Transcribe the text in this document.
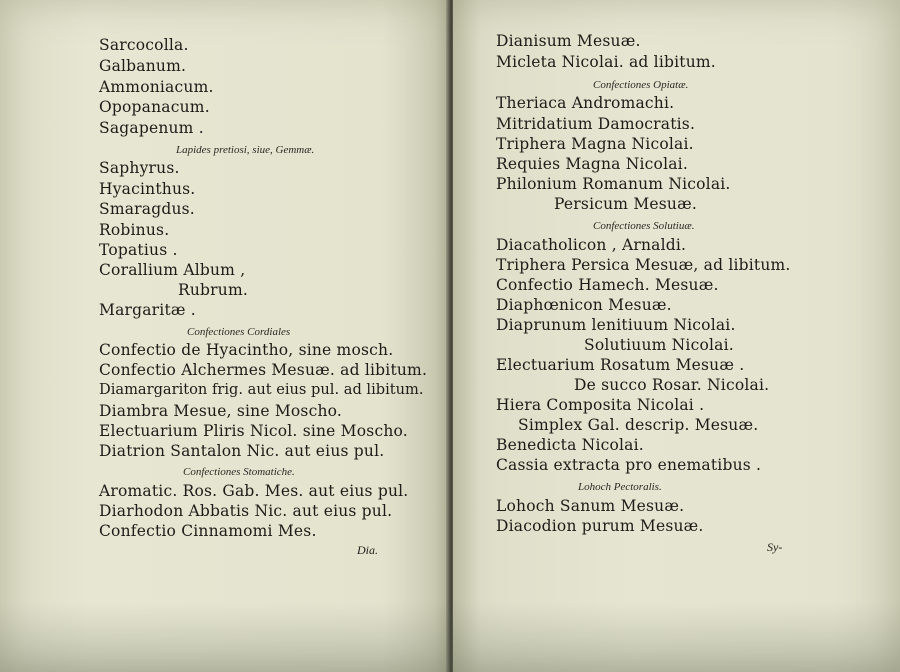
Sarcocolla.
Galbanum.
Ammoniacum.
Opopanacum.
Sagapenum .
Lapides pretiosi, siue, Gemmæ.
Saphyrus.
Hyacinthus.
Smaragdus.
Robinus.
Topatius .
Corallium Album ,
Rubrum.
Margaritæ .
Confectiones Cordiales
Confectio de Hyacintho, sine mosch.
Confectio Alchermes Mesuæ. ad libitum.
Diamargariton frig. aut eius pul. ad libitum.
Diambra Mesue, sine Moscho.
Electuarium Pliris Nicol. sine Moscho.
Diatrion Santalon Nic. aut eius pul.
Confectiones Stomatiche.
Aromatic. Ros. Gab. Mes. aut eius pul.
Diarhodon Abbatis Nic. aut eius pul.
Confectio Cinnamomi Mes.
Dia.
Dianisum Mesuæ.
Micleta Nicolai. ad libitum.
Confectiones Opiatæ.
Theriaca Andromachi.
Mitridatium Damocratis.
Triphera Magna Nicolai.
Requies Magna Nicolai.
Philonium Romanum Nicolai.
Persicum Mesuæ.
Confectiones Solutiuæ.
Diacatholicon , Arnaldi.
Triphera Persica Mesuæ, ad libitum.
Confectio Hamech. Mesuæ.
Diaphœnicon Mesuæ.
Diaprunum lenitiuum Nicolai.
Solutiuum Nicolai.
Electuarium Rosatum Mesuæ .
De succo Rosar. Nicolai.
Hiera Composita Nicolai .
Simplex Gal. descrip. Mesuæ.
Benedicta Nicolai.
Cassia extracta pro enematibus .
Lohoch Pectoralis.
Lohoch Sanum Mesuæ.
Diacodion purum Mesuæ.
Sy-
